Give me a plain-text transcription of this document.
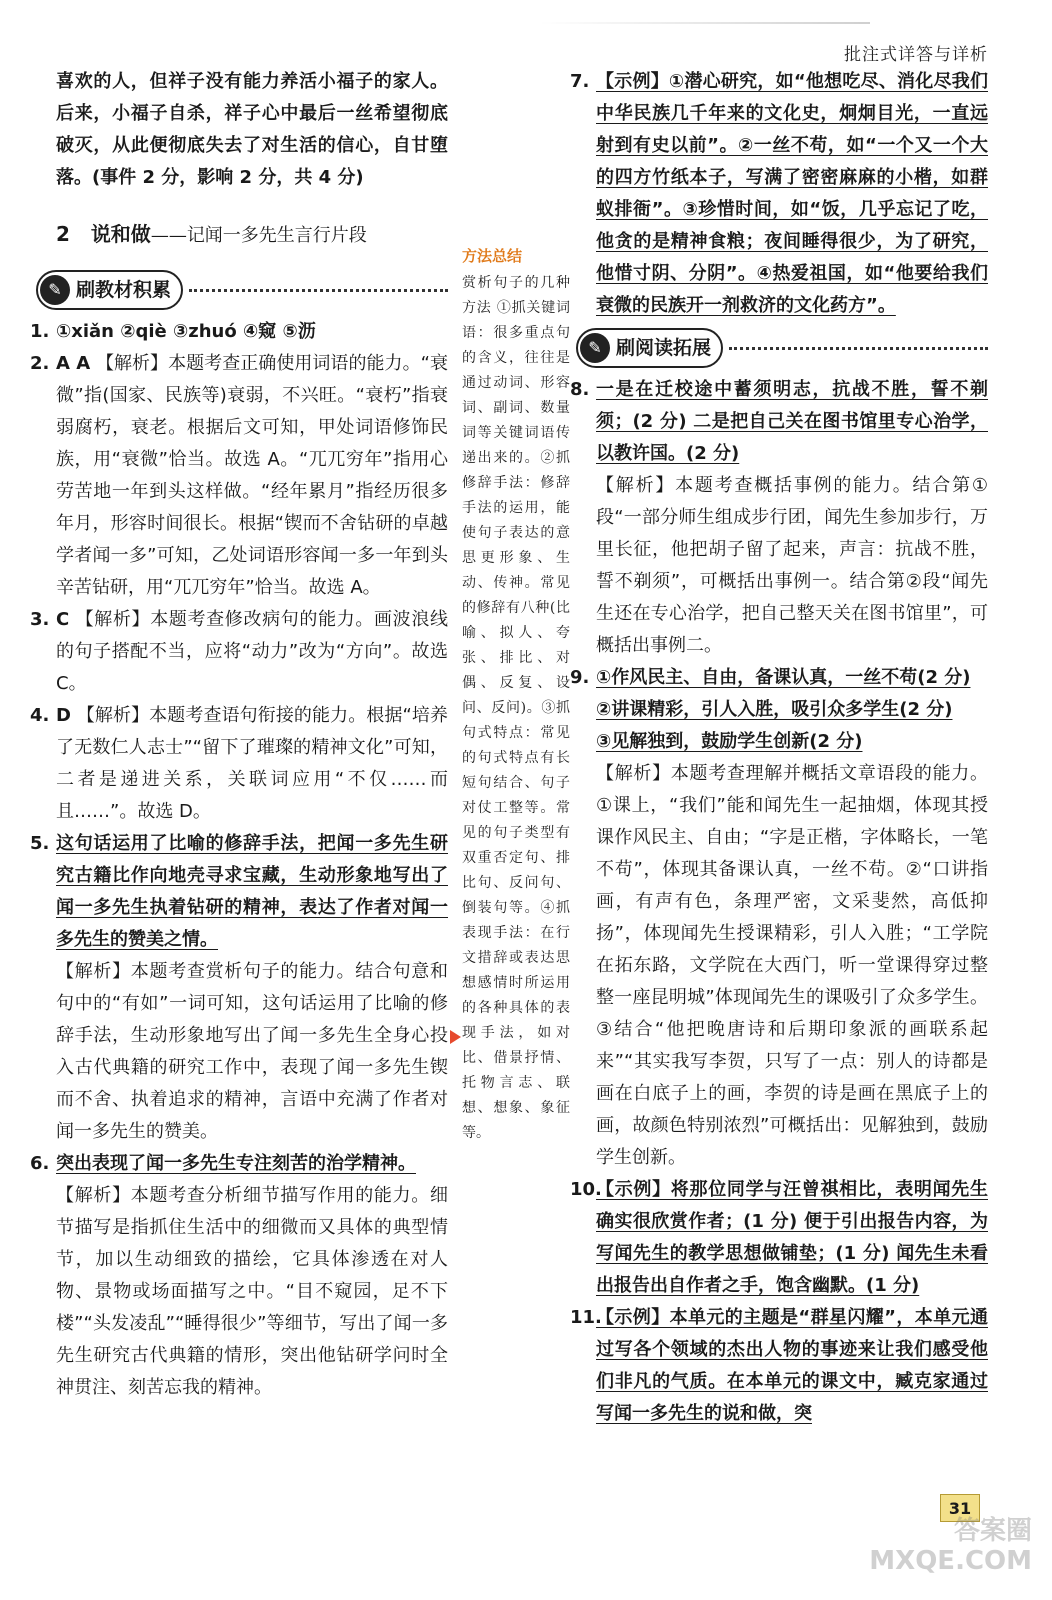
批注式详答与详析

喜欢的人，但祥子没有能力养活小福子的家人。后来，小福子自杀，祥子心中最后一丝希望彻底破灭，从此便彻底失去了对生活的信心，自甘堕落。(事件 2 分，影响 2 分，共 4 分)

2 说和做——记闻一多先生言行片段
✎ 刷教材积累
1. ①xiǎn ②qiè ③zhuó ④窥 ⑤沥

2. A A 【解析】本题考查正确使用词语的能力。“衰微”指(国家、民族等)衰弱，不兴旺。“衰朽”指衰弱腐朽，衰老。根据后文可知，甲处词语修饰民族，用“衰微”恰当。故选 A。“兀兀穷年”指用心劳苦地一年到头这样做。“经年累月”指经历很多年月，形容时间很长。根据“锲而不舍钻研的卓越学者闻一多”可知，乙处词语形容闻一多一年到头辛苦钻研，用“兀兀穷年”恰当。故选 A。

3. C 【解析】本题考查修改病句的能力。画波浪线的句子搭配不当，应将“动力”改为“方向”。故选 C。

4. D 【解析】本题考查语句衔接的能力。根据“培养了无数仁人志士”“留下了璀璨的精神文化”可知，二者是递进关系，关联词应用“不仅……而且……”。故选 D。

5. 这句话运用了比喻的修辞手法，把闻一多先生研究古籍比作向地壳寻求宝藏，生动形象地写出了闻一多先生执着钻研的精神，表达了作者对闻一多先生的赞美之情。

【解析】本题考查赏析句子的能力。结合句意和句中的“有如”一词可知，这句话运用了比喻的修辞手法，生动形象地写出了闻一多先生全身心投入古代典籍的研究工作中，表现了闻一多先生锲而不舍、执着追求的精神，言语中充满了作者对闻一多先生的赞美。

6. 突出表现了闻一多先生专注刻苦的治学精神。

【解析】本题考查分析细节描写作用的能力。细节描写是指抓住生活中的细微而又具体的典型情节，加以生动细致的描绘，它具体渗透在对人物、景物或场面描写之中。“目不窥园，足不下楼”“头发凌乱”“睡得很少”等细节，写出了闻一多先生研究古代典籍的情形，突出他钻研学问时全神贯注、刻苦忘我的精神。

方法总结

赏析句子的几种方法 ①抓关键词语：很多重点句的含义，往往是通过动词、形容词、副词、数量词等关键词语传递出来的。②抓修辞手法：修辞手法的运用，能使句子表达的意思更形象、生动、传神。常见的修辞有八种(比喻、拟人、夸张、排比、对偶、反复、设问、反问)。③抓句式特点：常见的句式特点有长短句结合、句子对仗工整等。常见的句子类型有双重否定句、排比句、反问句、倒装句等。④抓表现手法：在行文措辞或表达思想感情时所运用的各种具体的表现手法，如对比、借景抒情、托物言志、联想、想象、象征等。

7. 【示例】①潜心研究，如“他想吃尽、消化尽我们中华民族几千年来的文化史，炯炯目光，一直远射到有史以前”。②一丝不苟，如“一个又一个大的四方竹纸本子，写满了密密麻麻的小楷，如群蚁排衙”。③珍惜时间，如“饭，几乎忘记了吃，他贪的是精神食粮；夜间睡得很少，为了研究，他惜寸阴、分阴”。④热爱祖国，如“他要给我们衰微的民族开一剂救济的文化药方”。

✎ 刷阅读拓展
8. 一是在迁校途中蓄须明志，抗战不胜，誓不剃须；(2 分) 二是把自己关在图书馆里专心治学，以教许国。(2 分)

【解析】本题考查概括事例的能力。结合第①段“一部分师生组成步行团，闻先生参加步行，万里长征，他把胡子留了起来，声言：抗战不胜，誓不剃须”，可概括出事例一。结合第②段“闻先生还在专心治学，把自己整天关在图书馆里”，可概括出事例二。

9. ①作风民主、自由，备课认真，一丝不苟(2 分)

②讲课精彩，引人入胜，吸引众多学生(2 分)

③见解独到，鼓励学生创新(2 分)

【解析】本题考查理解并概括文章语段的能力。①课上，“我们”能和闻先生一起抽烟，体现其授课作风民主、自由；“字是正楷，字体略长，一笔不苟”，体现其备课认真，一丝不苟。②“口讲指画，有声有色，条理严密，文采斐然，高低抑扬”，体现闻先生授课精彩，引人入胜；“工学院在拓东路，文学院在大西门，听一堂课得穿过整整一座昆明城”体现闻先生的课吸引了众多学生。③结合“他把晚唐诗和后期印象派的画联系起来”“其实我写李贺，只写了一点：别人的诗都是画在白底子上的画，李贺的诗是画在黑底子上的画，故颜色特别浓烈”可概括出：见解独到，鼓励学生创新。

10.

【示例】将那位同学与汪曾祺相比，表明闻先生确实很欣赏作者；(1 分) 便于引出报告内容，为写闻先生的教学思想做铺垫；(1 分) 闻先生未看出报告出自作者之手，饱含幽默。(1 分)

11.

【示例】本单元的主题是“群星闪耀”，本单元通过写各个领域的杰出人物的事迹来让我们感受他们非凡的气质。在本单元的课文中，臧克家通过写闻一多先生的说和做，突

31
答案圈 MXQE.COM
